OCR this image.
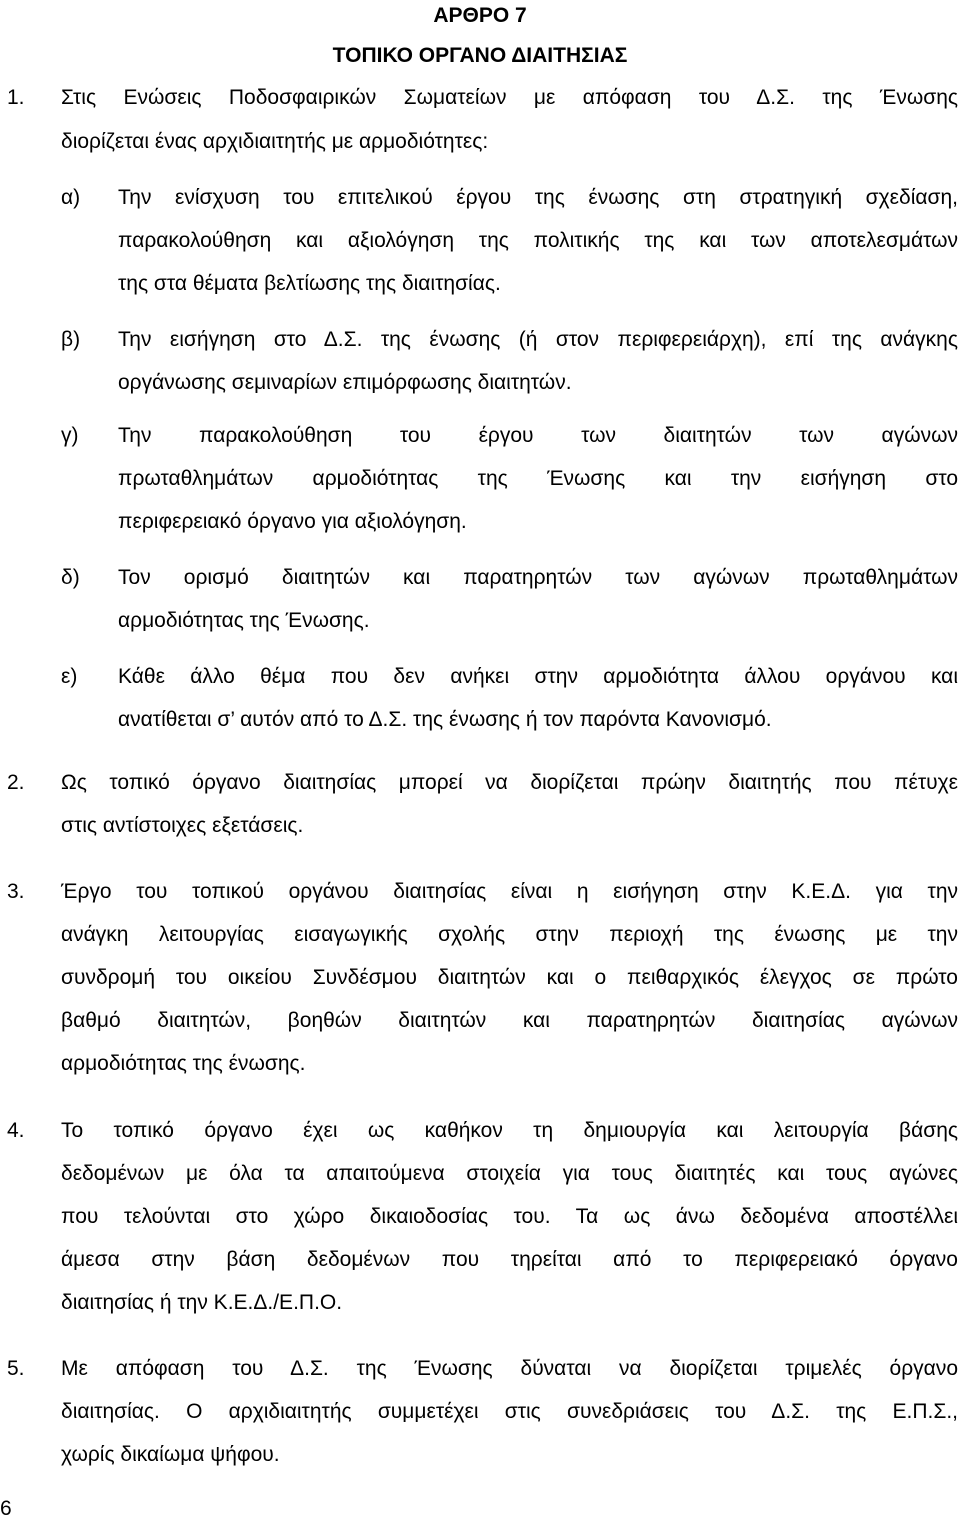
ΑΡΘΡΟ 7
ΤΟΠΙΚΟ ΟΡΓΑΝΟ ΔΙΑΙΤΗΣΙΑΣ
1. Στις Ενώσεις Ποδοσφαιρικών Σωματείων με απόφαση του Δ.Σ. της Ένωσης
διορίζεται ένας αρχιδιαιτητής με αρμοδιότητες:
α) Την ενίσχυση του επιτελικού έργου της ένωσης στη στρατηγική σχεδίαση,
παρακολούθηση και αξιολόγηση της πολιτικής της και των αποτελεσμάτων
της στα θέματα βελτίωσης της διαιτησίας.
β) Την εισήγηση στο Δ.Σ. της ένωσης (ή στον περιφερειάρχη), επί της ανάγκης
οργάνωσης σεμιναρίων επιμόρφωσης διαιτητών.
γ) Την παρακολούθηση του έργου των διαιτητών των αγώνων
πρωταθλημάτων αρμοδιότητας της Ένωσης και την εισήγηση στο
περιφερειακό όργανο για αξιολόγηση.
δ) Τον ορισμό διαιτητών και παρατηρητών των αγώνων πρωταθλημάτων
αρμοδιότητας της Ένωσης.
ε) Κάθε άλλο θέμα που δεν ανήκει στην αρμοδιότητα άλλου οργάνου και
ανατίθεται σ’ αυτόν από το Δ.Σ. της ένωσης ή τον παρόντα Κανονισμό.
2. Ως τοπικό όργανο διαιτησίας μπορεί να διορίζεται πρώην διαιτητής που πέτυχε
στις αντίστοιχες εξετάσεις.
3. Έργο του τοπικού οργάνου διαιτησίας είναι η εισήγηση στην Κ.Ε.Δ. για την
ανάγκη λειτουργίας εισαγωγικής σχολής στην περιοχή της ένωσης με την
συνδρομή του οικείου Συνδέσμου διαιτητών και ο πειθαρχικός έλεγχος σε πρώτο
βαθμό διαιτητών, βοηθών διαιτητών και παρατηρητών διαιτησίας αγώνων
αρμοδιότητας της ένωσης.
4. Το τοπικό όργανο έχει ως καθήκον τη δημιουργία και λειτουργία βάσης
δεδομένων με όλα τα απαιτούμενα στοιχεία για τους διαιτητές και τους αγώνες
που τελούνται στο χώρο δικαιοδοσίας του. Τα ως άνω δεδομένα αποστέλλει
άμεσα στην βάση δεδομένων που τηρείται από το περιφερειακό όργανο
διαιτησίας ή την Κ.Ε.Δ./Ε.Π.Ο.
5. Με απόφαση του Δ.Σ. της Ένωσης δύναται να διορίζεται τριμελές όργανο
διαιτησίας. Ο αρχιδιαιτητής συμμετέχει στις συνεδριάσεις του Δ.Σ. της Ε.Π.Σ.,
χωρίς δικαίωμα ψήφου.
6
